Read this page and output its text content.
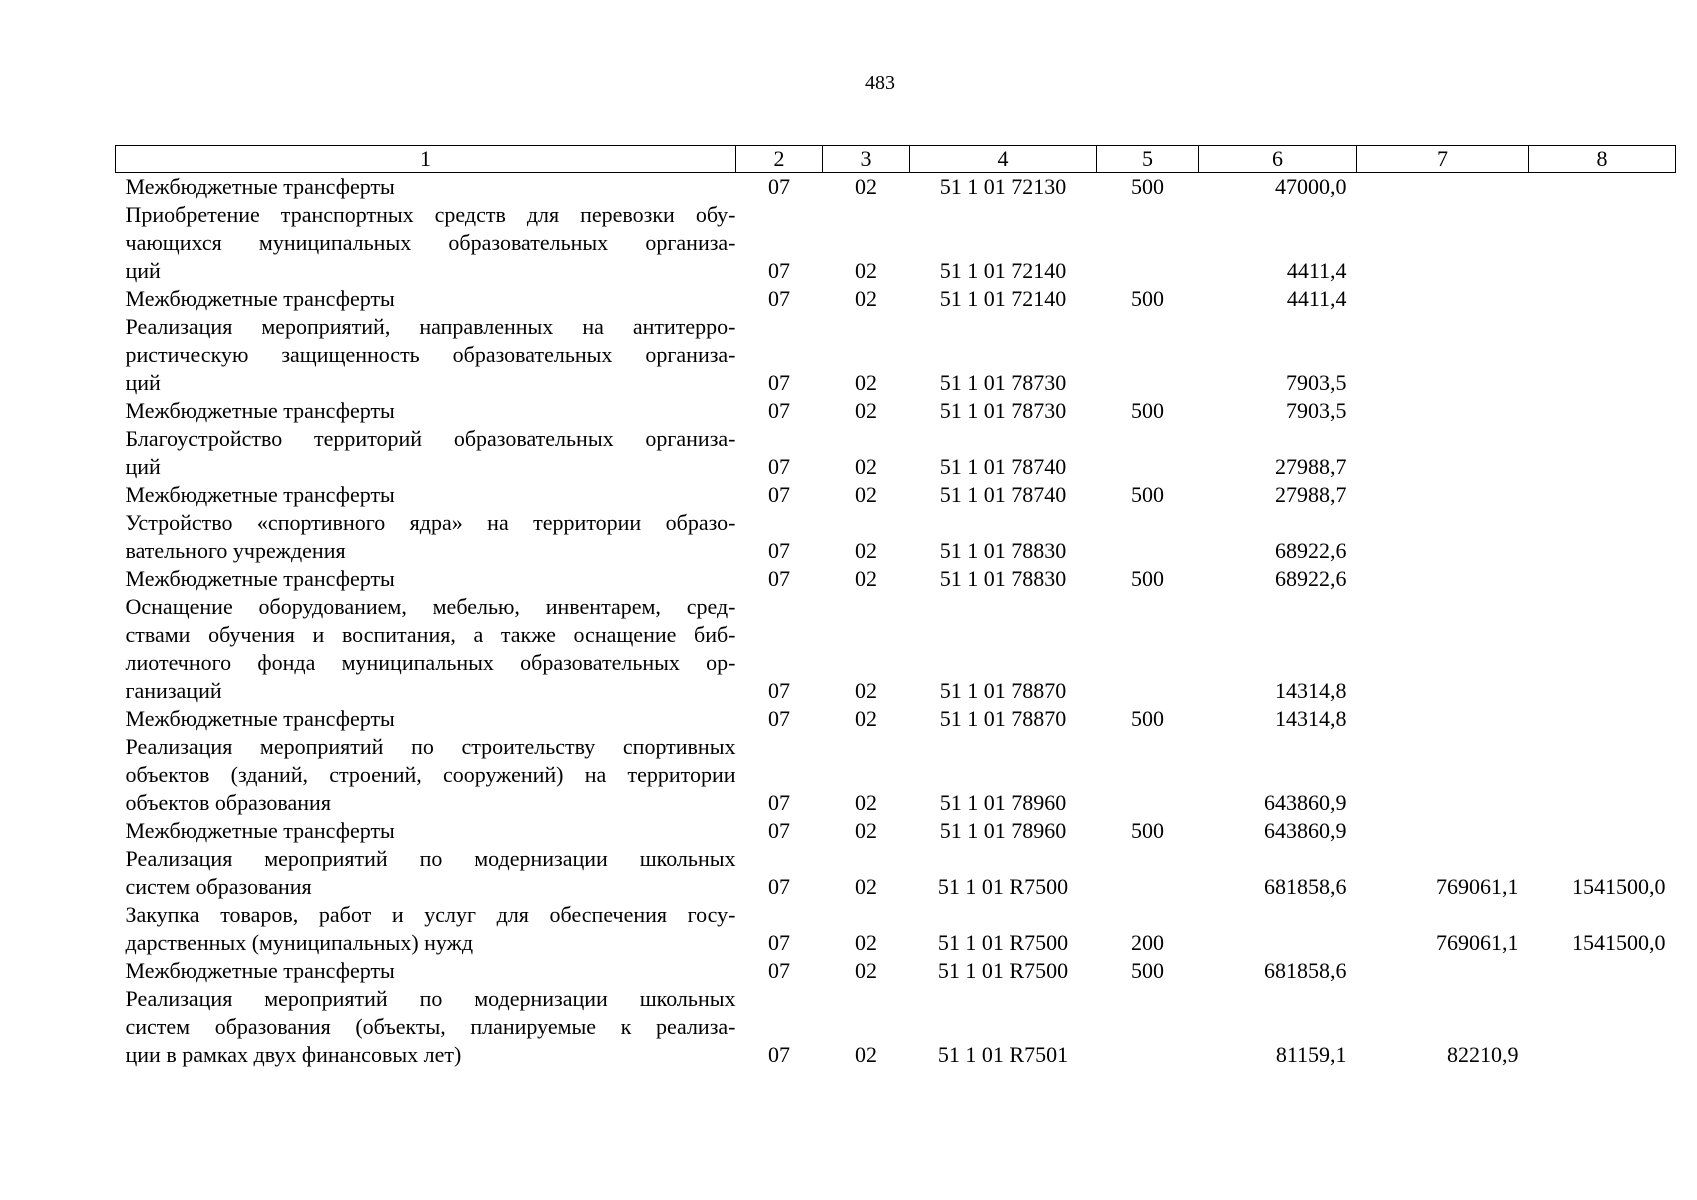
483
1	2	3	4	5	6	7	8

Межбюджетные трансферты	07	02	51 1 01 72130	500	47000,0		

Приобретение транспортных средств для перевозки обу-
чающихся муниципальных образовательных организа-
ций	07	02	51 1 01 72140		4411,4		

Межбюджетные трансферты	07	02	51 1 01 72140	500	4411,4		

Реализация мероприятий, направленных на антитерро-
ристическую защищенность образовательных организа-
ций	07	02	51 1 01 78730		7903,5		

Межбюджетные трансферты	07	02	51 1 01 78730	500	7903,5		

Благоустройство территорий образовательных организа-
ций	07	02	51 1 01 78740		27988,7		

Межбюджетные трансферты	07	02	51 1 01 78740	500	27988,7		

Устройство «спортивного ядра» на территории образо-
вательного учреждения	07	02	51 1 01 78830		68922,6		

Межбюджетные трансферты	07	02	51 1 01 78830	500	68922,6		

Оснащение оборудованием, мебелью, инвентарем, сред-
ствами обучения и воспитания, а также оснащение биб-
лиотечного фонда муниципальных образовательных ор-
ганизаций	07	02	51 1 01 78870		14314,8		

Межбюджетные трансферты	07	02	51 1 01 78870	500	14314,8		

Реализация мероприятий по строительству спортивных
объектов (зданий, строений, сооружений) на территории
объектов образования	07	02	51 1 01 78960		643860,9		

Межбюджетные трансферты	07	02	51 1 01 78960	500	643860,9		

Реализация мероприятий по модернизации школьных
систем образования	07	02	51 1 01 R7500		681858,6	769061,1	1541500,0

Закупка товаров, работ и услуг для обеспечения госу-
дарственных (муниципальных) нужд	07	02	51 1 01 R7500	200		769061,1	1541500,0

Межбюджетные трансферты	07	02	51 1 01 R7500	500	681858,6		

Реализация мероприятий по модернизации школьных
систем образования (объекты, планируемые к реализа-
ции в рамках двух финансовых лет)	07	02	51 1 01 R7501		81159,1	82210,9	
